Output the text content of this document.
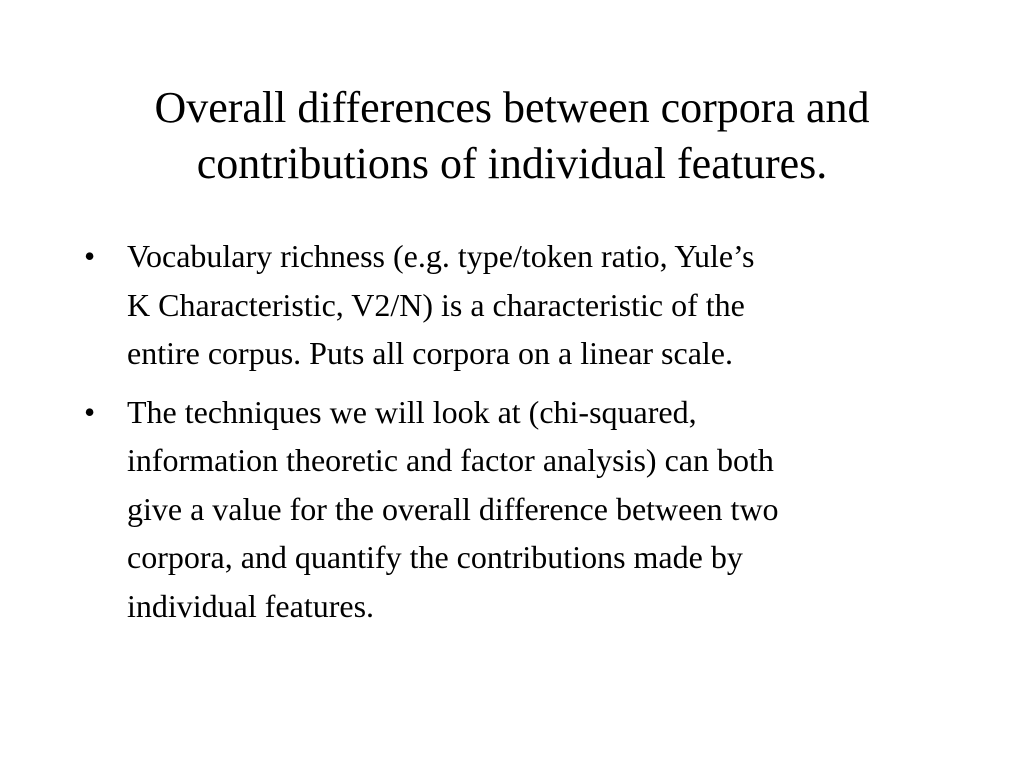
Overall differences between corpora and
contributions of individual features.
• Vocabulary richness (e.g. type/token ratio, Yule’s
K Characteristic, V2/N) is a characteristic of the
entire corpus. Puts all corpora on a linear scale.
• The techniques we will look at (chi-squared,
information theoretic and factor analysis) can both
give a value for the overall difference between two
corpora, and quantify the contributions made by
individual features.
